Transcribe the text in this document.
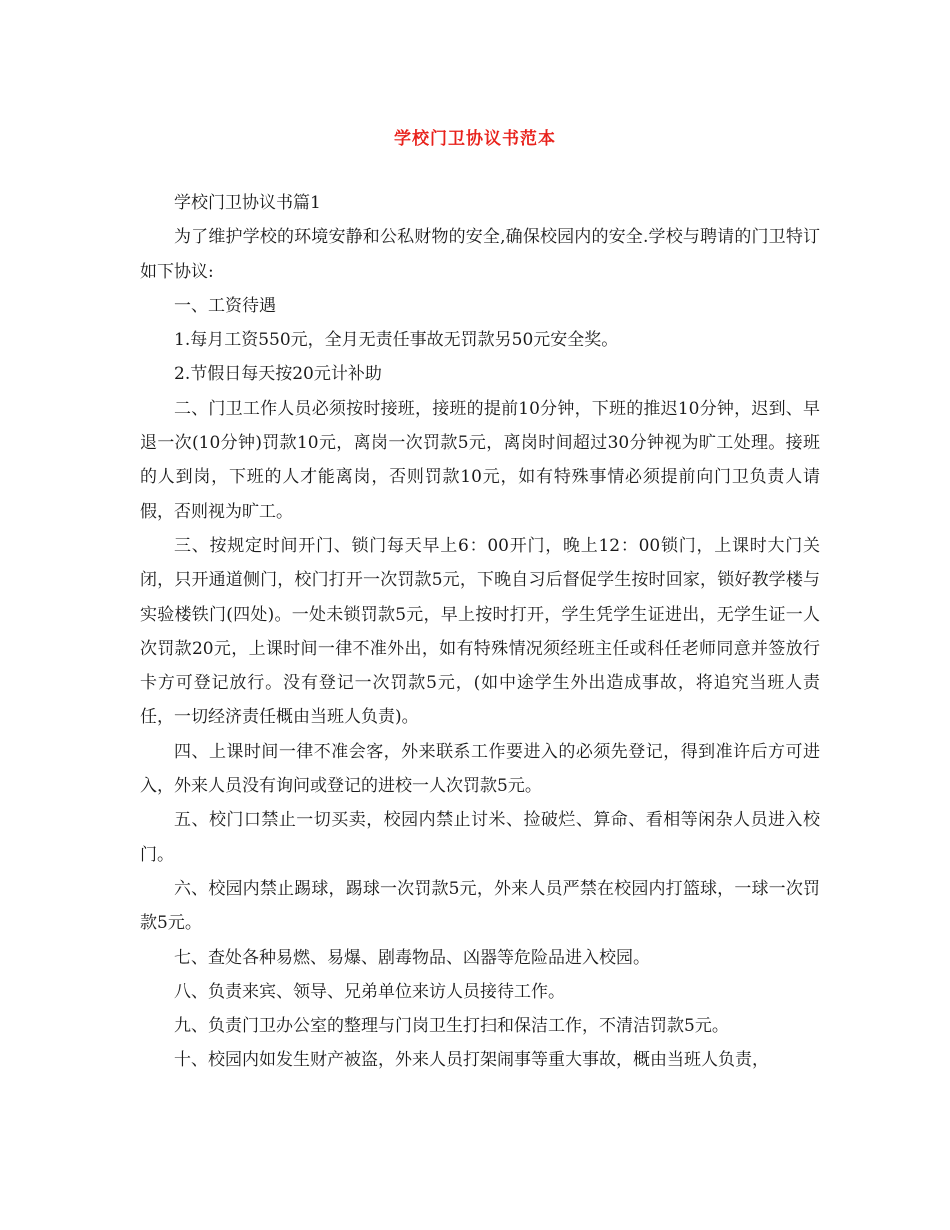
学校门卫协议书范本

学校门卫协议书篇1

为了维护学校的环境安静和公私财物的安全,确保校园内的安全.学校与聘请的门卫特订如下协议:

一、工资待遇

1.每月工资550元，全月无责任事故无罚款另50元安全奖。

2.节假日每天按20元计补助

二、门卫工作人员必须按时接班，接班的提前10分钟，下班的推迟10分钟，迟到、早退一次(10分钟)罚款10元，离岗一次罚款5元，离岗时间超过30分钟视为旷工处理。接班的人到岗，下班的人才能离岗，否则罚款10元，如有特殊事情必须提前向门卫负责人请假，否则视为旷工。

三、按规定时间开门、锁门每天早上6：00开门，晚上12：00锁门，上课时大门关闭，只开通道侧门，校门打开一次罚款5元，下晚自习后督促学生按时回家，锁好教学楼与实验楼铁门(四处)。一处未锁罚款5元，早上按时打开，学生凭学生证进出，无学生证一人次罚款20元，上课时间一律不准外出，如有特殊情况须经班主任或科任老师同意并签放行卡方可登记放行。没有登记一次罚款5元，(如中途学生外出造成事故，将追究当班人责任，一切经济责任概由当班人负责)。

四、上课时间一律不准会客，外来联系工作要进入的必须先登记，得到准许后方可进入，外来人员没有询问或登记的进校一人次罚款5元。

五、校门口禁止一切买卖，校园内禁止讨米、捡破烂、算命、看相等闲杂人员进入校门。

六、校园内禁止踢球，踢球一次罚款5元，外来人员严禁在校园内打篮球，一球一次罚款5元。

七、查处各种易燃、易爆、剧毒物品、凶器等危险品进入校园。

八、负责来宾、领导、兄弟单位来访人员接待工作。

九、负责门卫办公室的整理与门岗卫生打扫和保洁工作，不清洁罚款5元。

十、校园内如发生财产被盗，外来人员打架闹事等重大事故，概由当班人负责，
